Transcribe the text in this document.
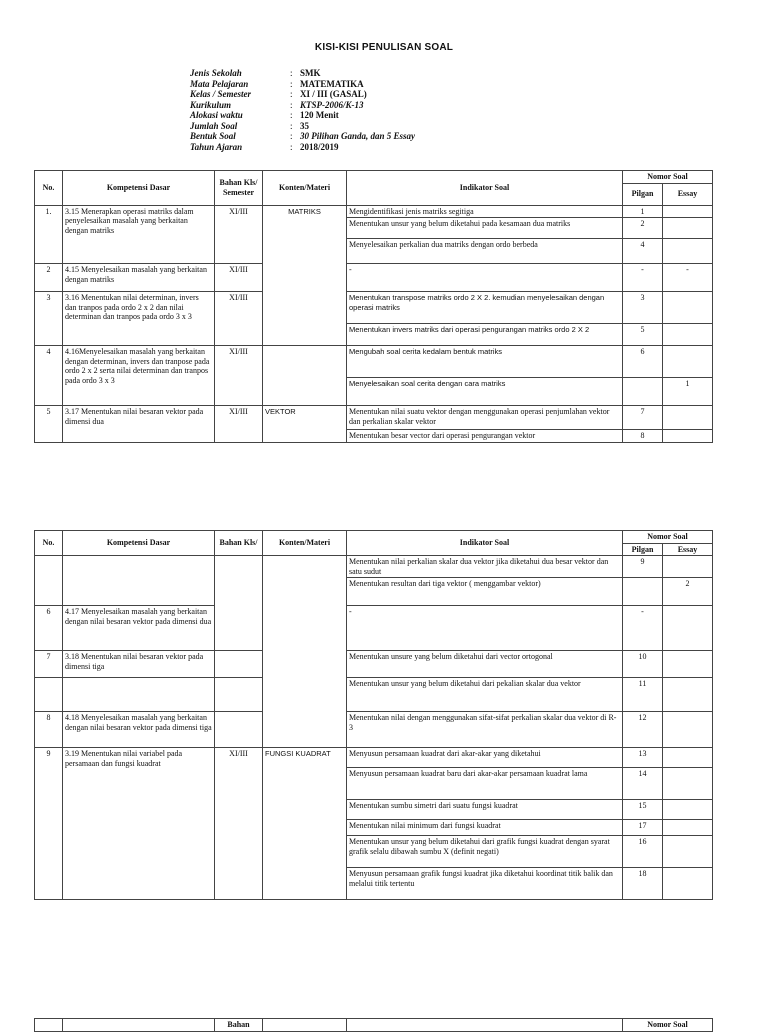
KISI-KISI PENULISAN SOAL
Jenis Sekolah	: SMK
Mata Pelajaran	: MATEMATIKA
Kelas / Semester	: XI / III (GASAL)
Kurikulum	: KTSP-2006/K-13
Alokasi waktu	: 120 Menit
Jumlah Soal	: 35
Bentuk Soal	: 30 Pilihan Ganda, dan 5 Essay
Tahun Ajaran	: 2018/2019
No.	Kompetensi Dasar	Bahan Kls/ Semester	Konten/Materi	Indikator Soal	Nomor Soal	
					Pilgan	Essay
1.	3.15 Menerapkan operasi matriks dalam penyelesaikan masalah yang berkaitan dengan matriks	XI/III	MATRIKS	Mengidentifikasi jenis matriks segitiga	1	
				Menentukan unsur yang belum diketahui pada kesamaan dua matriks	2	
				Menyelesaikan perkalian dua matriks dengan ordo berbeda	4	
2	4.15 Menyelesaikan masalah yang berkaitan dengan matriks	XI/III		-	-	-
3	3.16 Menentukan nilai determinan, invers dan tranpos pada ordo 2 x 2 dan nilai determinan dan tranpos pada ordo 3 x 3	XI/III		Menentukan transpose matriks ordo 2 X 2. kemudian menyelesaikan dengan operasi matriks	3	
				Menentukan invers matriks dari operasi pengurangan matriks ordo 2 X 2	5	
4	4.16Menyelesaikan masalah yang berkaitan dengan determinan, invers dan tranpose pada ordo 2 x 2 serta nilai determinan dan tranpos pada ordo 3 x 3	XI/III		Mengubah soal cerita kedalam bentuk matriks	6	
				Menyelesaikan soal cerita dengan cara matriks		1
5	3.17 Menentukan nilai besaran vektor pada dimensi dua	XI/III	VEKTOR	Menentukan nilai suatu vektor dengan menggunakan operasi penjumlahan vektor dan perkalian skalar vektor	7	
				Menentukan besar vector dari operasi pengurangan vektor	8	
No.	Kompetensi Dasar	Bahan Kls/	Konten/Materi	Indikator Soal	Nomor Soal	
					Pilgan	Essay
				Menentukan nilai perkalian skalar dua vektor jika diketahui dua besar vektor dan satu sudut	9	
				Menentukan resultan dari tiga vektor ( menggambar vektor)		2
6	4.17 Menyelesaikan masalah yang berkaitan dengan nilai besaran vektor pada dimensi dua			-	-	
7	3.18 Menentukan nilai besaran vektor pada dimensi tiga			Menentukan unsure yang belum diketahui dari vector ortogonal	10	
				Menentukan unsur yang belum diketahui dari pekalian skalar dua vektor	11	
8	4.18 Menyelesaikan masalah yang berkaitan dengan nilai besaran vektor pada dimensi tiga			Menentukan nilai dengan menggunakan sifat-sifat perkalian skalar dua vektor di R-3	12	
9	3.19 Menentukan nilai variabel pada persamaan dan fungsi kuadrat	XI/III	FUNGSI KUADRAT	Menyusun persamaan kuadrat dari akar-akar yang diketahui	13	
				Menyusun persamaan kuadrat baru dari akar-akar persamaan kuadrat lama	14	
				Menentukan sumbu simetri dari suatu fungsi kuadrat	15	
				Menentukan nilai minimum dari fungsi kuadrat	17	
				Menentukan unsur yang belum diketahui dari grafik fungsi kuadrat dengan syarat grafik selalu dibawah sumbu X (definit negati)	16	
				Menyusun persamaan grafik fungsi kuadrat jika diketahui koordinat titik balik dan melalui titik tertentu	18	
		Bahan			Nomor Soal
